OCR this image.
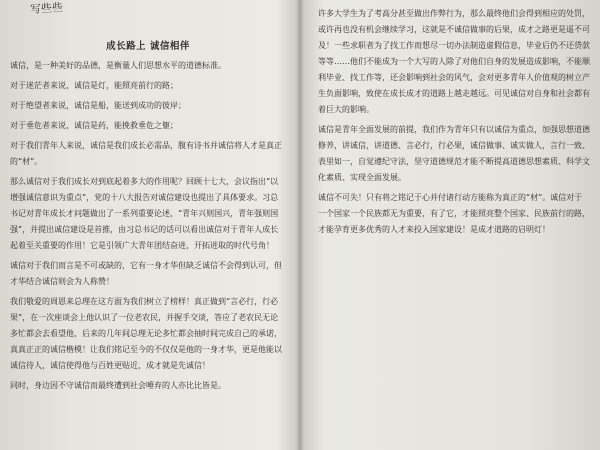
写些些
成长路上 诚信相伴

诚信，是一种美好的品德，是衡量人们思想水平的道德标准。

对于迷茫者来说，诚信是灯，能照亮前行的路；

对于绝望者来说，诚信是船，能送到成功的彼岸；

对于垂危者来说，诚信是药，能挽救垂危之躯；

对于我们青年人来说，诚信是我们成长必需品，腹有诗书并诚信将人才是真正的“材”。

那么诚信对于我们成长对到底起着多大的作用呢？回顾十七大，会议指出“以增强诚信意识为重点”，党的十八大报告对诚信建设也提出了具体要求。习总书记对青年成长才问题做出了一系列重要论述，“青年兴则国兴，青年强则国强”，并提出诚信建设是首推，由习总书记的话可以看出诚信对于青年人成长起着至关重要的作用！它是引领广大青年团结奋进，开拓进取的时代号角！

诚信对于我们而言是不可或缺的，它有一身才华但缺乏诚信不会得到认可，但才华结合诚信则会为人称赞！

我们敬爱的周恩来总理在这方面为我们树立了榜样！真正做到“言必行，行必果”，在一次座谈会上他认识了一位老农民，并握手交谈，答应了老农民无论多忙都会去看望他，后来的几年间总理无论多忙都会抽时间完成自己的承诺，真真正正的诚信楷模！让我们铭记至今的不仅仅是他的一身才华，更是他能以诚信待人，诚信使得他与百姓更贴近，成才就是先诚信！

同时，身边因不守诚信而最终遭到社会唾弃的人亦比比皆是。

许多大学生为了考高分甚至做出作弊行为，那么最终他们会得到相应的处罚，或许再也没有机会继续学习，这就是不诚信做事的后果，成才之路更是遥不可及！一些求职者为了找工作而想尽一切办法制造虚假信息，毕业后仍不还贷款等等……他们不能成为一个大写的人除了对他们自身的发展造成影响，不能顺利毕业、找工作等，还会影响到社会的风气，会对更多青年人价值观的树立产生负面影响，致使在成长成才的道路上越走越远。可见诚信对自身和社会都有着巨大的影响。

诚信是青年全面发展的前提，我们作为青年只有以诚信为重点，加强思想道德修养，讲诚信，讲道德、言必行，行必果，诚信做事、诚实做人，言行一致、表里如一，自觉遵纪守法，坚守道德规范才能不断提高道德思想素质、科学文化素质、实现全面发展。

诚信不可失！只有将之铭记于心并付诸行动方能称为真正的“材”。诚信对于一个国家一个民族都无为重要，有了它，才能照亮整个国家、民族前行的路，才能孕育更多优秀的人才来投入国家建设！是成才道路的启明灯！
